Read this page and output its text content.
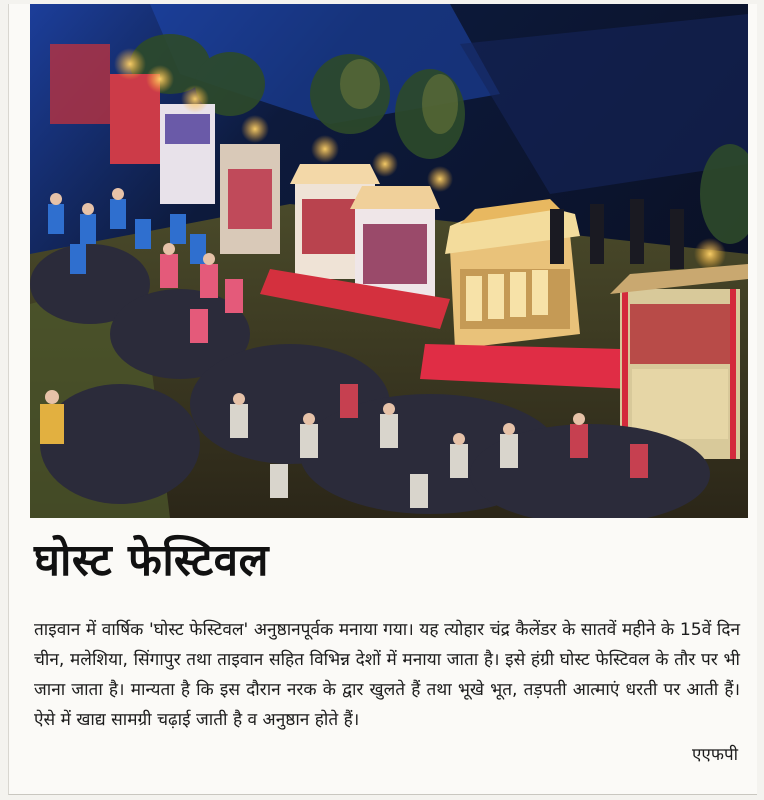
घोस्ट फेस्टिवल

ताइवान में वार्षिक 'घोस्ट फेस्टिवल' अनुष्ठानपूर्वक मनाया गया। यह त्योहार चंद्र कैलेंडर के सातवें महीने के 15वें दिन चीन, मलेशिया, सिंगापुर तथा ताइवान सहित विभिन्न देशों में मनाया जाता है। इसे हंग्री घोस्ट फेस्टिवल के तौर पर भी जाना जाता है। मान्यता है कि इस दौरान नरक के द्वार खुलते हैं तथा भूखे भूत, तड़पती आत्माएं धरती पर आती हैं। ऐसे में खाद्य सामग्री चढ़ाई जाती है व अनुष्ठान होते हैं।

एएफपी
